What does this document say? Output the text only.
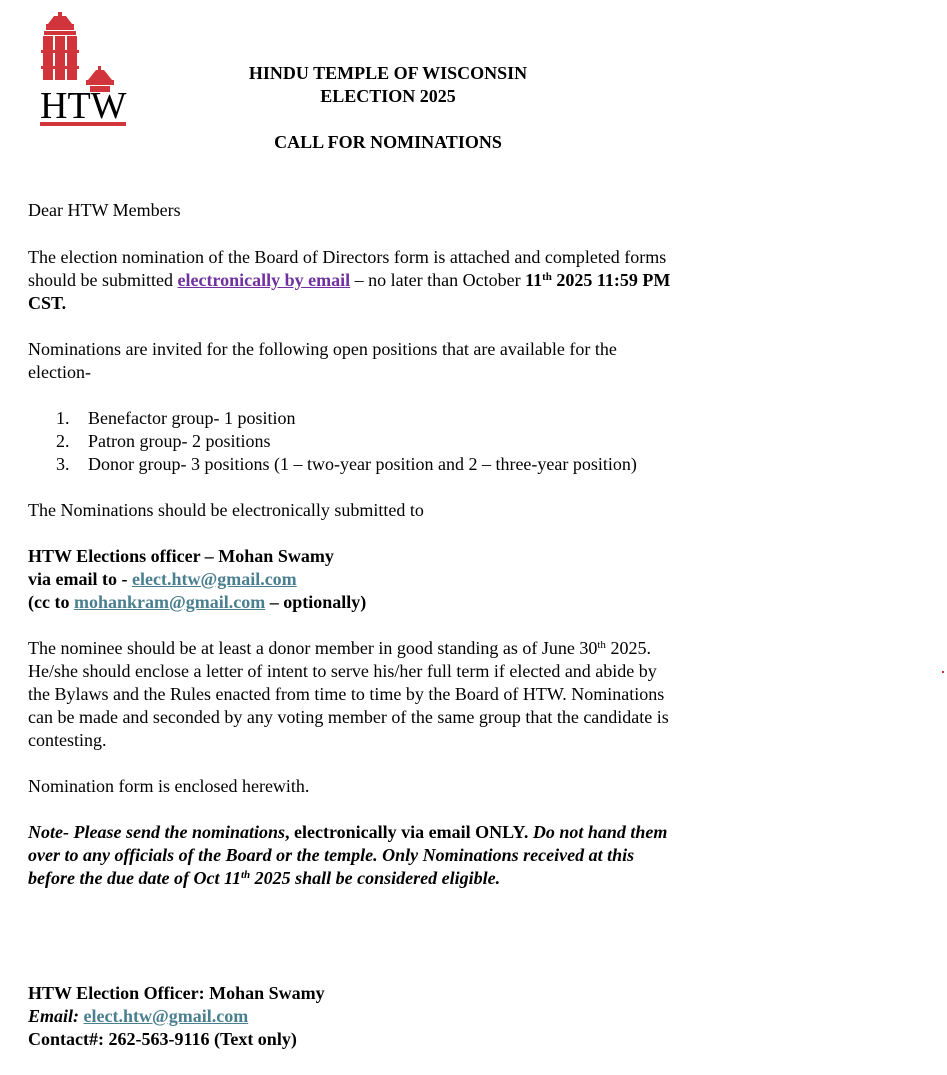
HTW
HINDU TEMPLE OF WISCONSIN
ELECTION 2025
CALL FOR NOMINATIONS
Dear HTW Members
The election nomination of the Board of Directors form is attached and completed forms
should be submitted electronically by email – no later than October 11th 2025 11:59 PM
CST.
Nominations are invited for the following open positions that are available for the
election-
1. Benefactor group- 1 position
2. Patron group- 2 positions
3. Donor group- 3 positions (1 – two-year position and 2 – three-year position)
The Nominations should be electronically submitted to
HTW Elections officer – Mohan Swamy
via email to - elect.htw@gmail.com
(cc to mohankram@gmail.com – optionally)
The nominee should be at least a donor member in good standing as of June 30th 2025.
He/she should enclose a letter of intent to serve his/her full term if elected and abide by
the Bylaws and the Rules enacted from time to time by the Board of HTW. Nominations
can be made and seconded by any voting member of the same group that the candidate is
contesting.
Nomination form is enclosed herewith.
Note- Please send the nominations, electronically via email ONLY. Do not hand them
over to any officials of the Board or the temple. Only Nominations received at this
before the due date of Oct 11th 2025 shall be considered eligible.
HTW Election Officer: Mohan Swamy
Email: elect.htw@gmail.com
Contact#: 262-563-9116 (Text only)
